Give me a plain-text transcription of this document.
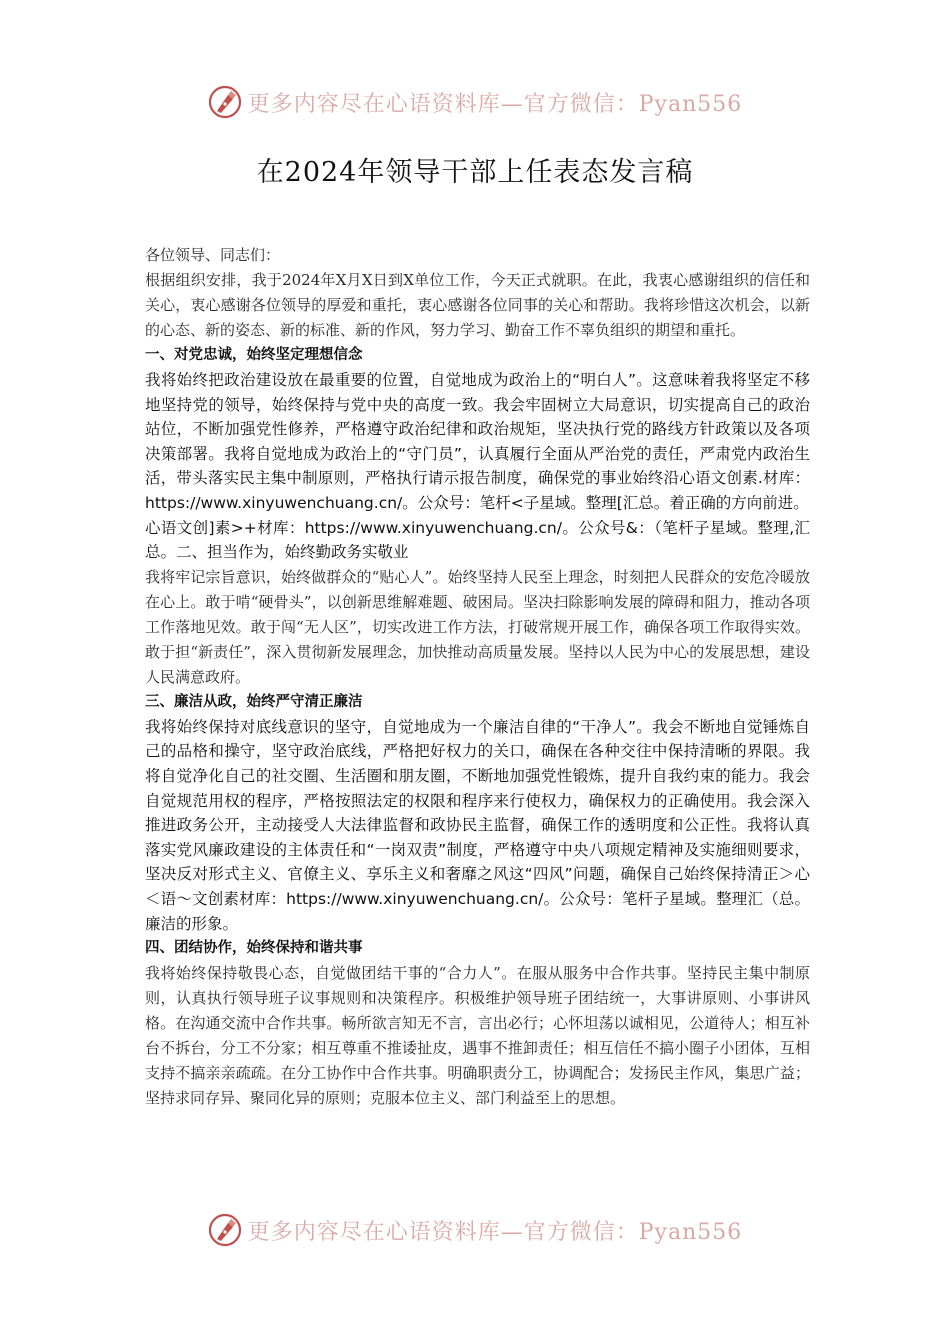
更多内容尽在心语资料库—官方微信：Pyan556
在2024年领导干部上任表态发言稿

各位领导、同志们：

根据组织安排，我于2024年X月X日到X单位工作，今天正式就职。在此，我衷心感谢组织的信任和关心，衷心感谢各位领导的厚爱和重托，衷心感谢各位同事的关心和帮助。我将珍惜这次机会，以新的心态、新的姿态、新的标准、新的作风，努力学习、勤奋工作不辜负组织的期望和重托。

一、对党忠诚，始终坚定理想信念

我将始终把政治建设放在最重要的位置，自觉地成为政治上的“明白人”。这意味着我将坚定不移地坚持党的领导，始终保持与党中央的高度一致。我会牢固树立大局意识，切实提高自己的政治站位，不断加强党性修养，严格遵守政治纪律和政治规矩，坚决执行党的路线方针政策以及各项决策部署。我将自觉地成为政治上的“守门员”，认真履行全面从严治党的责任，严肃党内政治生活，带头落实民主集中制原则，严格执行请示报告制度，确保党的事业始终沿心语文创素.材库：https://www.xinyuwenchuang.cn/。公众号：笔杆<子星域。整理[汇总。着正确的方向前进。

心语文创]素>+材库：https://www.xinyuwenchuang.cn/。公众号&：（笔杆子星域。整理,汇总。二、担当作为，始终勤政务实敬业

我将牢记宗旨意识，始终做群众的“贴心人”。始终坚持人民至上理念，时刻把人民群众的安危冷暖放在心上。敢于啃“硬骨头”，以创新思维解难题、破困局。坚决扫除影响发展的障碍和阻力，推动各项工作落地见效。敢于闯“无人区”，切实改进工作方法，打破常规开展工作，确保各项工作取得实效。敢于担“新责任”，深入贯彻新发展理念，加快推动高质量发展。坚持以人民为中心的发展思想，建设人民满意政府。

三、廉洁从政，始终严守清正廉洁

我将始终保持对底线意识的坚守，自觉地成为一个廉洁自律的“干净人”。我会不断地自觉锤炼自己的品格和操守，坚守政治底线，严格把好权力的关口，确保在各种交往中保持清晰的界限。我将自觉净化自己的社交圈、生活圈和朋友圈，不断地加强党性锻炼，提升自我约束的能力。我会自觉规范用权的程序，严格按照法定的权限和程序来行使权力，确保权力的正确使用。我会深入推进政务公开，主动接受人大法律监督和政协民主监督，确保工作的透明度和公正性。我将认真落实党风廉政建设的主体责任和“一岗双责”制度，严格遵守中央八项规定精神及实施细则要求，坚决反对形式主义、官僚主义、享乐主义和奢靡之风这“四风”问题，确保自己始终保持清正＞心＜语～文创素材库：https://www.xinyuwenchuang.cn/。公众号：笔杆子星域。整理汇（总。廉洁的形象。

四、团结协作，始终保持和谐共事

我将始终保持敬畏心态，自觉做团结干事的“合力人”。在服从服务中合作共事。坚持民主集中制原则，认真执行领导班子议事规则和决策程序。积极维护领导班子团结统一，大事讲原则、小事讲风格。在沟通交流中合作共事。畅所欲言知无不言，言出必行；心怀坦荡以诚相见，公道待人；相互补台不拆台，分工不分家；相互尊重不推诿扯皮，遇事不推卸责任；相互信任不搞小圈子小团体，互相支持不搞亲亲疏疏。在分工协作中合作共事。明确职责分工，协调配合；发扬民主作风，集思广益；坚持求同存异、聚同化异的原则；克服本位主义、部门利益至上的思想。

更多内容尽在心语资料库—官方微信：Pyan556
